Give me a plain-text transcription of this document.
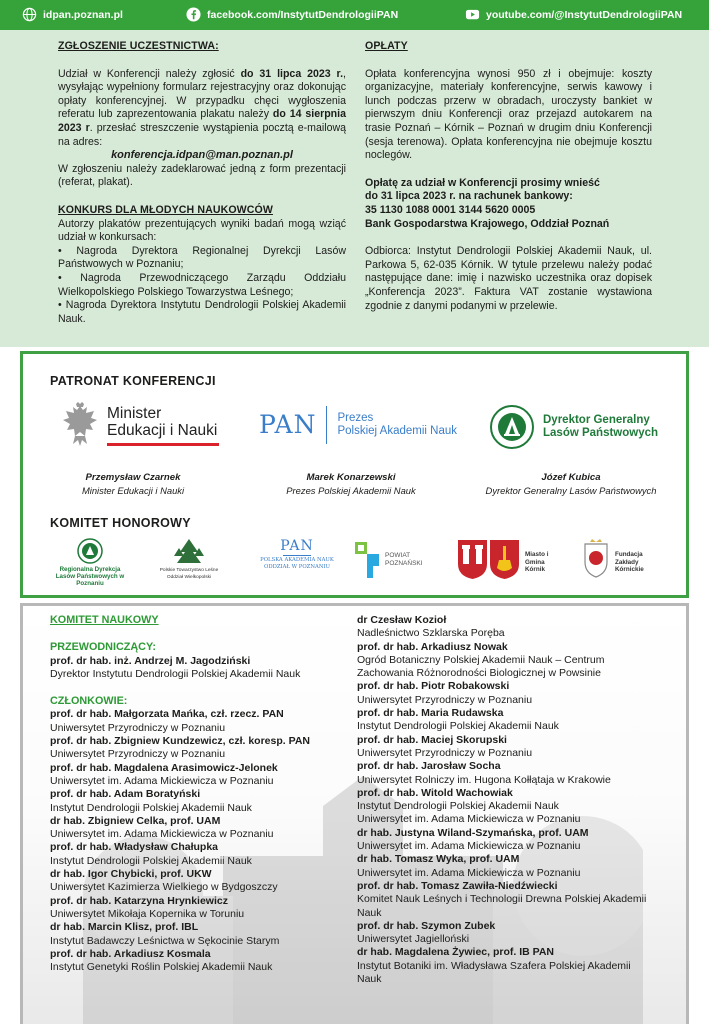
idpan.poznan.pl	facebook.com/InstytutDendrologiiPAN	youtube.com/@InstytutDendrologiiPAN
ZGŁOSZENIE UCZESTNICTWA:
Udział w Konferencji należy zgłosić do 31 lipca 2023 r., wysyłając wypełniony formularz rejestracyjny oraz dokonując opłaty konferencyjnej. W przypadku chęci wygłoszenia referatu lub zaprezentowania plakatu należy do 14 sierpnia 2023 r. przesłać streszczenie wystąpienia pocztą e-mailową na adres:
konferencja.idpan@man.poznan.pl
W zgłoszeniu należy zadeklarować jedną z form prezentacji (referat, plakat).
KONKURS DLA MŁODYCH NAUKOWCÓW
Autorzy plakatów prezentujących wyniki badań mogą wziąć udział w konkursach:
• Nagroda Dyrektora Regionalnej Dyrekcji Lasów Państwowych w Poznaniu;
• Nagroda Przewodniczącego Zarządu Oddziału Wielkopolskiego Polskiego Towarzystwa Leśnego;
• Nagroda Dyrektora Instytutu Dendrologii Polskiej Akademii Nauk.
OPŁATY
Opłata konferencyjna wynosi 950 zł i obejmuje: koszty organizacyjne, materiały konferencyjne, serwis kawowy i lunch podczas przerw w obradach, uroczysty bankiet w pierwszym dniu Konferencji oraz przejazd autokarem na trasie Poznań – Kórnik – Poznań w drugim dniu Konferencji (sesja terenowa). Opłata konferencyjna nie obejmuje kosztu noclegów.
Opłatę za udział w Konferencji prosimy wnieść
do 31 lipca 2023 r. na rachunek bankowy:
35 1130 1088 0001 3144 5620 0005
Bank Gospodarstwa Krajowego, Oddział Poznań
Odbiorca: Instytut Dendrologii Polskiej Akademii Nauk, ul. Parkowa 5, 62-035 Kórnik. W tytule przelewu należy podać następujące dane: imię i nazwisko uczestnika oraz dopisek „Konferencja 2023”. Faktura VAT zostanie wystawiona zgodnie z danymi podanymi w przelewie.
PATRONAT KONFERENCJI
Minister
Edukacji i Nauki PAN Prezes
Polskiej Akademii Nauk
Dyrektor Generalny
Lasów Państwowych
Przemysław Czarnek
Minister Edukacji i Nauki
Marek Konarzewski
Prezes Polskiej Akademii Nauk
Józef Kubica
Dyrektor Generalny Lasów Państwowych
KOMITET HONOROWY
Regionalna Dyrekcja Lasów Państwowych w Poznaniu
Polskie Towarzystwo Leśne
Oddział Wielkopolski
PAN
POLSKA AKADEMIA NAUK
ODDZIAŁ W POZNANIU
POWIAT
POZNAŃSKI
Miasto i Gmina
Kórnik
Fundacja
Zakłady Kórnickie
KOMITET NAUKOWY
PRZEWODNICZĄCY:
prof. dr hab. inż. Andrzej M. Jagodziński
Dyrektor Instytutu Dendrologii Polskiej Akademii Nauk
CZŁONKOWIE:
prof. dr hab. Małgorzata Mańka, czł. rzecz. PAN
Uniwersytet Przyrodniczy w Poznaniu
prof. dr hab. Zbigniew Kundzewicz, czł. koresp. PAN
Uniwersytet Przyrodniczy w Poznaniu
prof. dr hab. Magdalena Arasimowicz-Jelonek
Uniwersytet im. Adama Mickiewicza w Poznaniu
prof. dr hab. Adam Boratyński
Instytut Dendrologii Polskiej Akademii Nauk
dr hab. Zbigniew Celka, prof. UAM
Uniwersytet im. Adama Mickiewicza w Poznaniu
prof. dr hab. Władysław Chałupka
Instytut Dendrologii Polskiej Akademii Nauk
dr hab. Igor Chybicki, prof. UKW
Uniwersytet Kazimierza Wielkiego w Bydgoszczy
prof. dr hab. Katarzyna Hrynkiewicz
Uniwersytet Mikołaja Kopernika w Toruniu
dr hab. Marcin Klisz, prof. IBL
Instytut Badawczy Leśnictwa w Sękocinie Starym
prof. dr hab. Arkadiusz Kosmala
Instytut Genetyki Roślin Polskiej Akademii Nauk
dr Czesław Kozioł
Nadleśnictwo Szklarska Poręba
prof. dr hab. Arkadiusz Nowak
Ogród Botaniczny Polskiej Akademii Nauk – Centrum Zachowania Różnorodności Biologicznej w Powsinie
prof. dr hab. Piotr Robakowski
Uniwersytet Przyrodniczy w Poznaniu
prof. dr hab. Maria Rudawska
Instytut Dendrologii Polskiej Akademii Nauk
prof. dr hab. Maciej Skorupski
Uniwersytet Przyrodniczy w Poznaniu
prof. dr hab. Jarosław Socha
Uniwersytet Rolniczy im. Hugona Kołłątaja w Krakowie
prof. dr hab. Witold Wachowiak
Instytut Dendrologii Polskiej Akademii Nauk
Uniwersytet im. Adama Mickiewicza w Poznaniu
dr hab. Justyna Wiland-Szymańska, prof. UAM
Uniwersytet im. Adama Mickiewicza w Poznaniu
dr hab. Tomasz Wyka, prof. UAM
Uniwersytet im. Adama Mickiewicza w Poznaniu
prof. dr hab. Tomasz Zawiła-Niedźwiecki
Komitet Nauk Leśnych i Technologii Drewna Polskiej Akademii Nauk
prof. dr hab. Szymon Zubek
Uniwersytet Jagielloński
dr hab. Magdalena Żywiec, prof. IB PAN
Instytut Botaniki im. Władysława Szafera Polskiej Akademii Nauk
